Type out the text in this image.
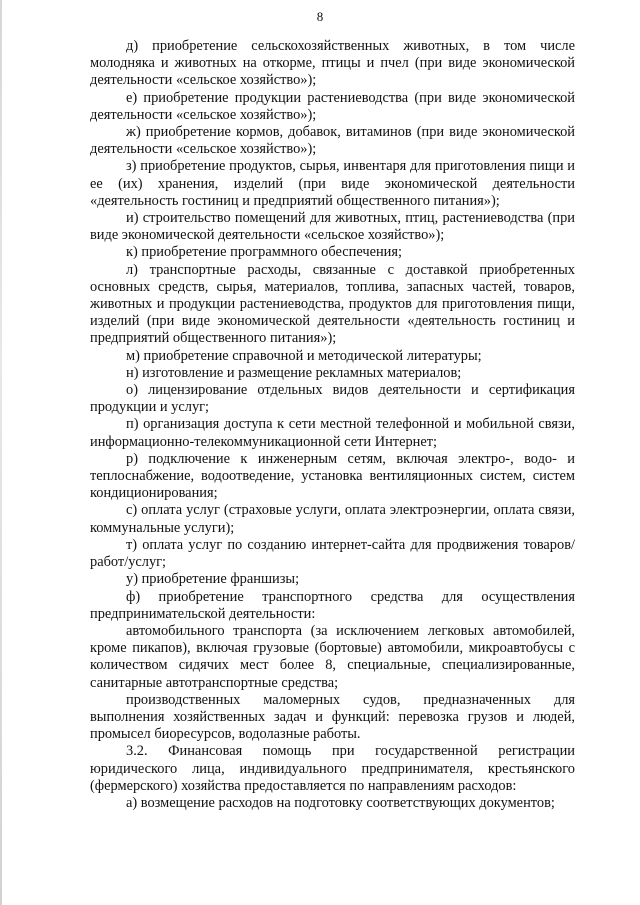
8

д) приобретение сельскохозяйственных животных, в том числе молодняка и животных на откорме, птицы и пчел (при виде экономической деятельности «сельское хозяйство»);

е) приобретение продукции растениеводства (при виде экономической деятельности «сельское хозяйство»);

ж) приобретение кормов, добавок, витаминов (при виде экономической деятельности «сельское хозяйство»);

з) приобретение продуктов, сырья, инвентаря для приготовления пищи и ее (их) хранения, изделий (при виде экономической деятельности «деятельность гостиниц и предприятий общественного питания»);

и) строительство помещений для животных, птиц, растениеводства (при виде экономической деятельности «сельское хозяйство»);

к) приобретение программного обеспечения;

л) транспортные расходы, связанные с доставкой приобретенных основных средств, сырья, материалов, топлива, запасных частей, товаров, животных и продукции растениеводства, продуктов для приготовления пищи, изделий (при виде экономической деятельности «деятельность гостиниц и предприятий общественного питания»);

м) приобретение справочной и методической литературы;

н) изготовление и размещение рекламных материалов;

о) лицензирование отдельных видов деятельности и сертификация продукции и услуг;

п) организация доступа к сети местной телефонной и мобильной связи, информационно-телекоммуникационной сети Интернет;

р) подключение к инженерным сетям, включая электро-, водо- и теплоснабжение, водоотведение, установка вентиляционных систем, систем кондиционирования;

с) оплата услуг (страховые услуги, оплата электроэнергии, оплата связи, коммунальные услуги);

т) оплата услуг по созданию интернет-сайта для продвижения товаров/работ/услуг;

у) приобретение франшизы;

ф) приобретение транспортного средства для осуществления предпринимательской деятельности:

автомобильного транспорта (за исключением легковых автомобилей, кроме пикапов), включая грузовые (бортовые) автомобили, микроавтобусы с количеством сидячих мест более 8, специальные, специализированные, санитарные автотранспортные средства;

производственных маломерных судов, предназначенных для выполнения хозяйственных задач и функций: перевозка грузов и людей, промысел биоресурсов, водолазные работы.

3.2. Финансовая помощь при государственной регистрации юридического лица, индивидуального предпринимателя, крестьянского (фермерского) хозяйства предоставляется по направлениям расходов:

а) возмещение расходов на подготовку соответствующих документов;
